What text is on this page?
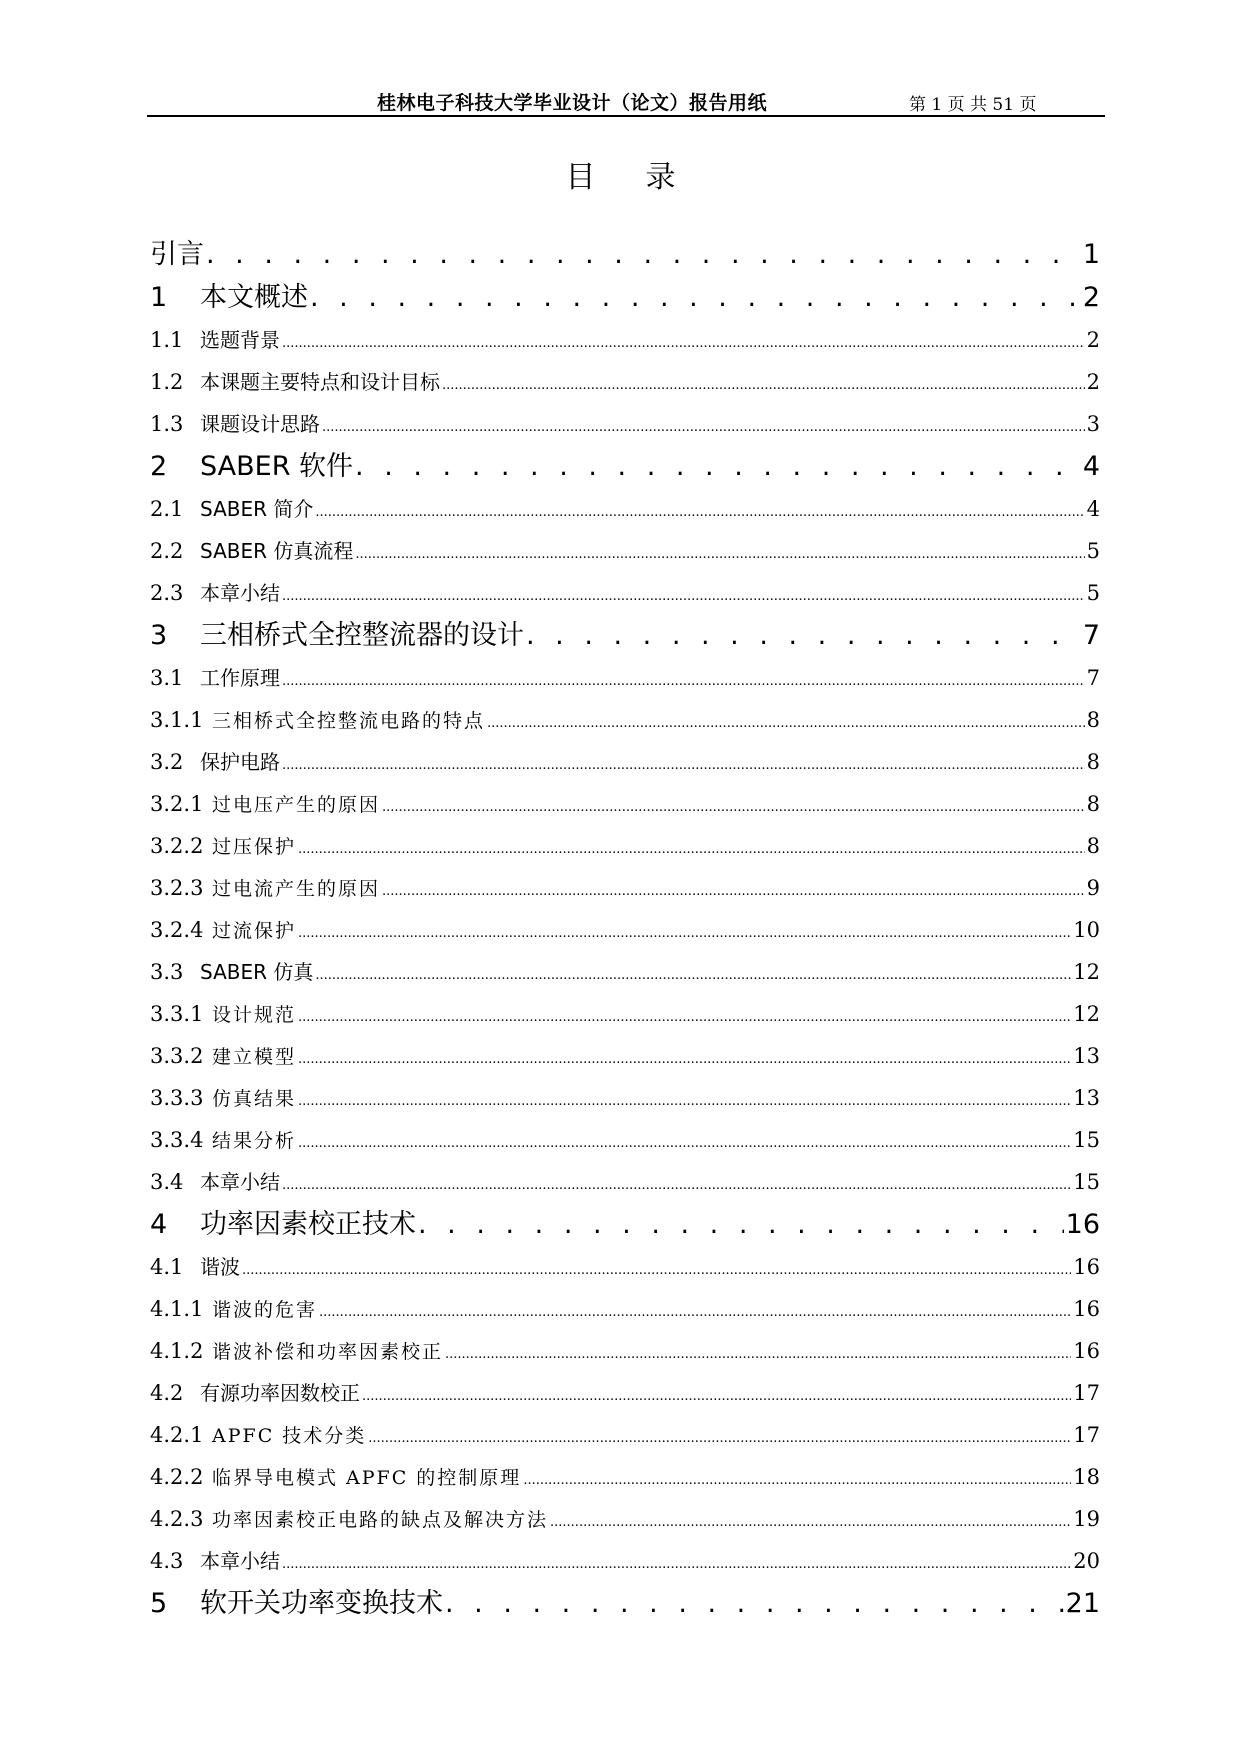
桂林电子科技大学毕业设计（论文）报告用纸	第 1 页 共 51 页
目录
引言 . . .	1
1	本文概述 . . .	2
1.1 选题背景 .....	2
1.2 本课题主要特点和设计目标 .....	2
1.3 课题设计思路 .....	3
2	SABER 软件 . . .	4
2.1 SABER 简介 .....	4
2.2 SABER 仿真流程 .....	5
2.3 本章小结 .....	5
3	三相桥式全控整流器的设计 . . .	7
3.1 工作原理 .....	7
3.1.1 三相桥式全控整流电路的特点 .....	8
3.2 保护电路 .....	8
3.2.1 过电压产生的原因 .....	8
3.2.2 过压保护 .....	8
3.2.3 过电流产生的原因 .....	9
3.2.4 过流保护 .....	10
3.3 SABER 仿真 .....	12
3.3.1 设计规范 .....	12
3.3.2 建立模型 .....	13
3.3.3 仿真结果 .....	13
3.3.4 结果分析 .....	15
3.4 本章小结 .....	15
4	功率因素校正技术 . . .	16
4.1 谐波 .....	16
4.1.1 谐波的危害 .....	16
4.1.2 谐波补偿和功率因素校正 .....	16
4.2 有源功率因数校正 .....	17
4.2.1 APFC 技术分类 .....	17
4.2.2 临界导电模式 APFC 的控制原理 .....	18
4.2.3 功率因素校正电路的缺点及解决方法 .....	19
4.3 本章小结 .....	20
5	软开关功率变换技术 . . .	21
